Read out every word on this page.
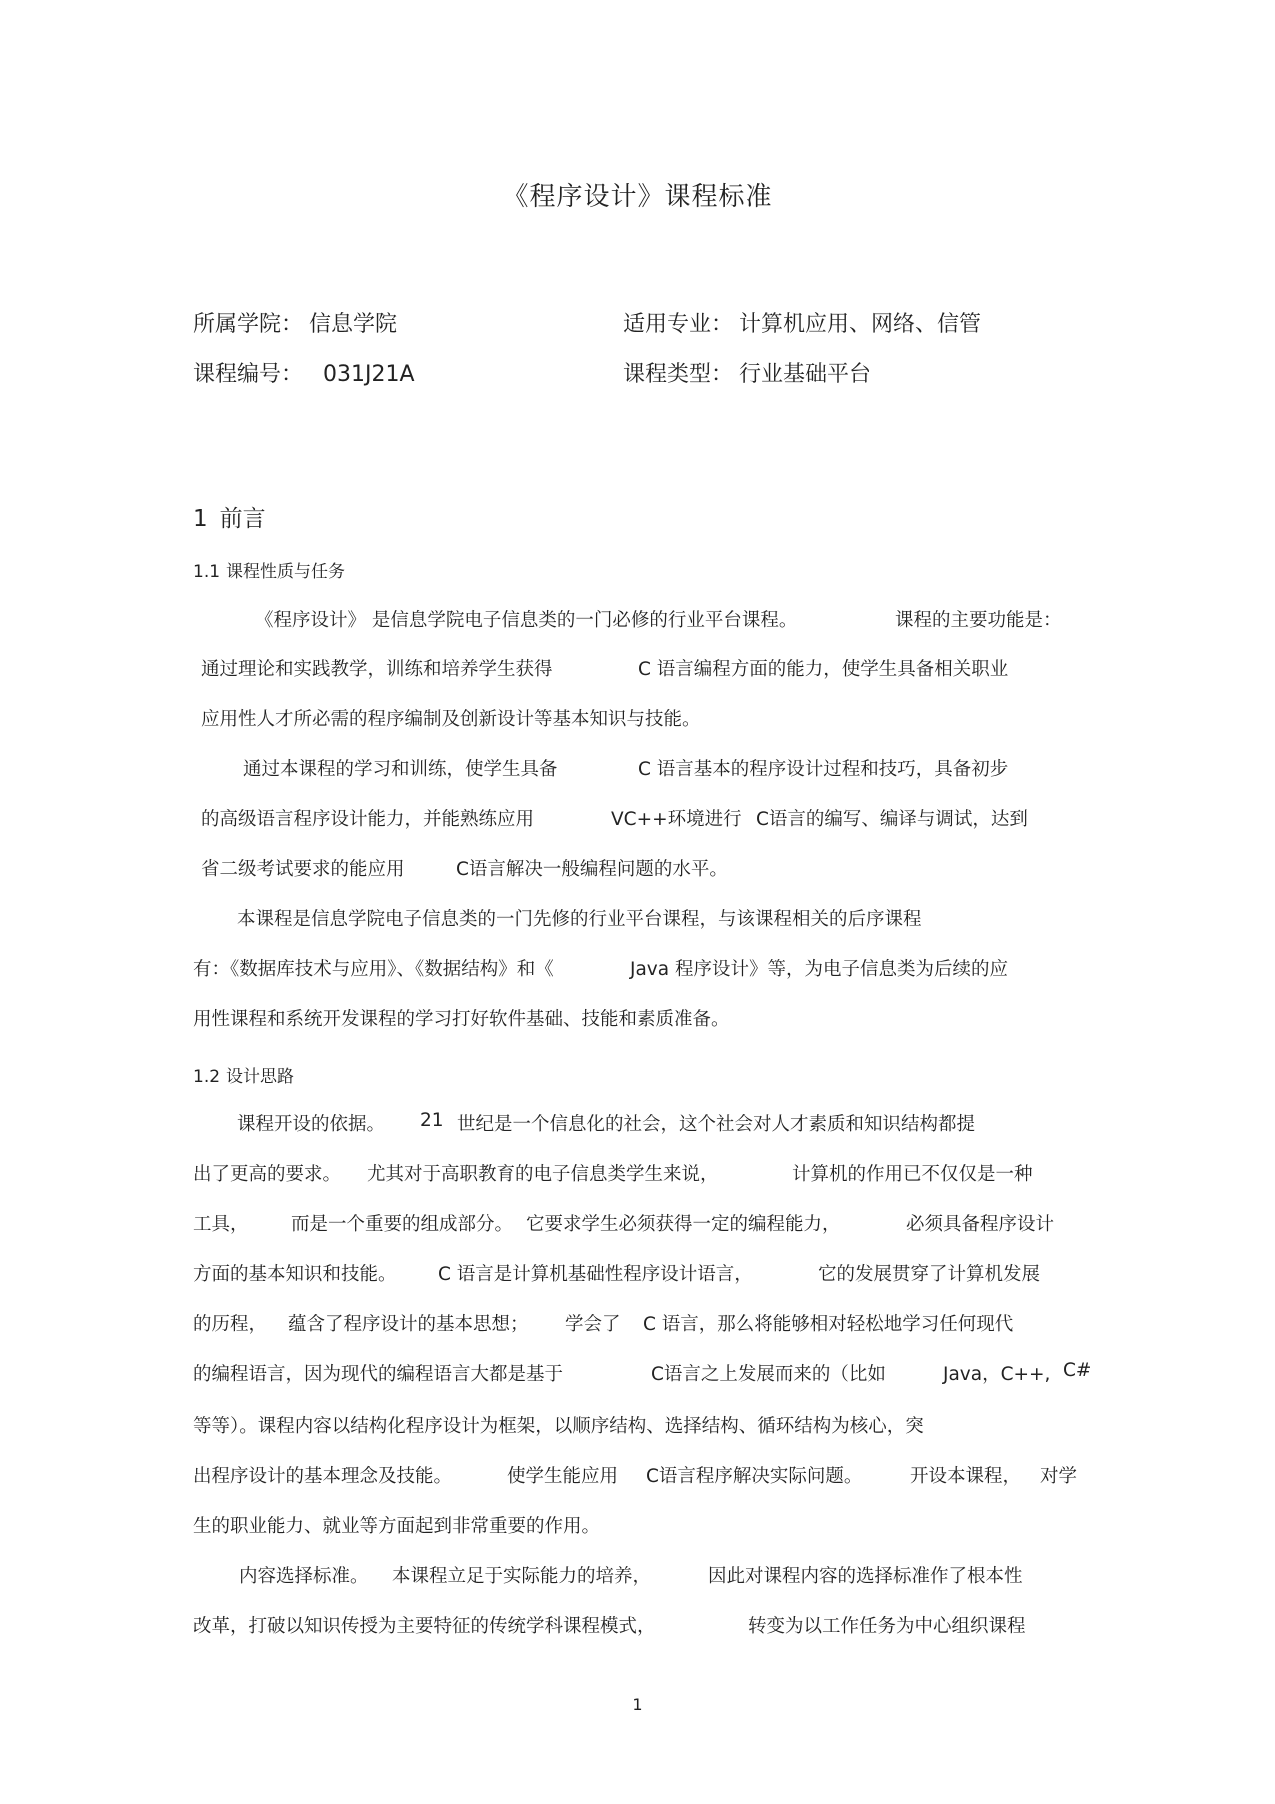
《程序设计》课程标准
所属学院： 信息学院	适用专业： 计算机应用、网络、信管
课程编号： 031J21A	课程类型： 行业基础平台
1 前言
1.1 课程性质与任务
1.2 设计思路
《程序设计》 是信息学院电子信息类的一门必修的行业平台课程。	课程的主要功能是：
通过理论和实践教学，训练和培养学生获得	C 语言编程方面的能力，使学生具备相关职业
应用性人才所必需的程序编制及创新设计等基本知识与技能。
通过本课程的学习和训练，使学生具备	C 语言基本的程序设计过程和技巧，具备初步
的高级语言程序设计能力，并能熟练应用	VC++环境进行 C语言的编写、编译与调试，达到
省二级考试要求的能应用	C语言解决一般编程问题的水平。
本课程是信息学院电子信息类的一门先修的行业平台课程，与该课程相关的后序课程
有：《数据库技术与应用》、《数据结构》和《	Java 程序设计》等，为电子信息类为后续的应
用性课程和系统开发课程的学习打好软件基础、技能和素质准备。
课程开设的依据。 21 世纪是一个信息化的社会，这个社会对人才素质和知识结构都提
出了更高的要求。 尤其对于高职教育的电子信息类学生来说，	计算机的作用已不仅仅是一种
工具， 而是一个重要的组成部分。 它要求学生必须获得一定的编程能力，	必须具备程序设计
方面的基本知识和技能。 C 语言是计算机基础性程序设计语言，	它的发展贯穿了计算机发展
的历程， 蕴含了程序设计的基本思想； 学会了 C 语言，那么将能够相对轻松地学习任何现代
的编程语言，因为现代的编程语言大都是基于	C语言之上发展而来的（比如	Java，C++, C#
等等）。课程内容以结构化程序设计为框架，以顺序结构、选择结构、循环结构为核心，突
出程序设计的基本理念及技能。	使学生能应用 C语言程序解决实际问题。	开设本课程， 对学
生的职业能力、就业等方面起到非常重要的作用。
内容选择标准。 本课程立足于实际能力的培养，	因此对课程内容的选择标准作了根本性
改革，打破以知识传授为主要特征的传统学科课程模式，	转变为以工作任务为中心组织课程
1
